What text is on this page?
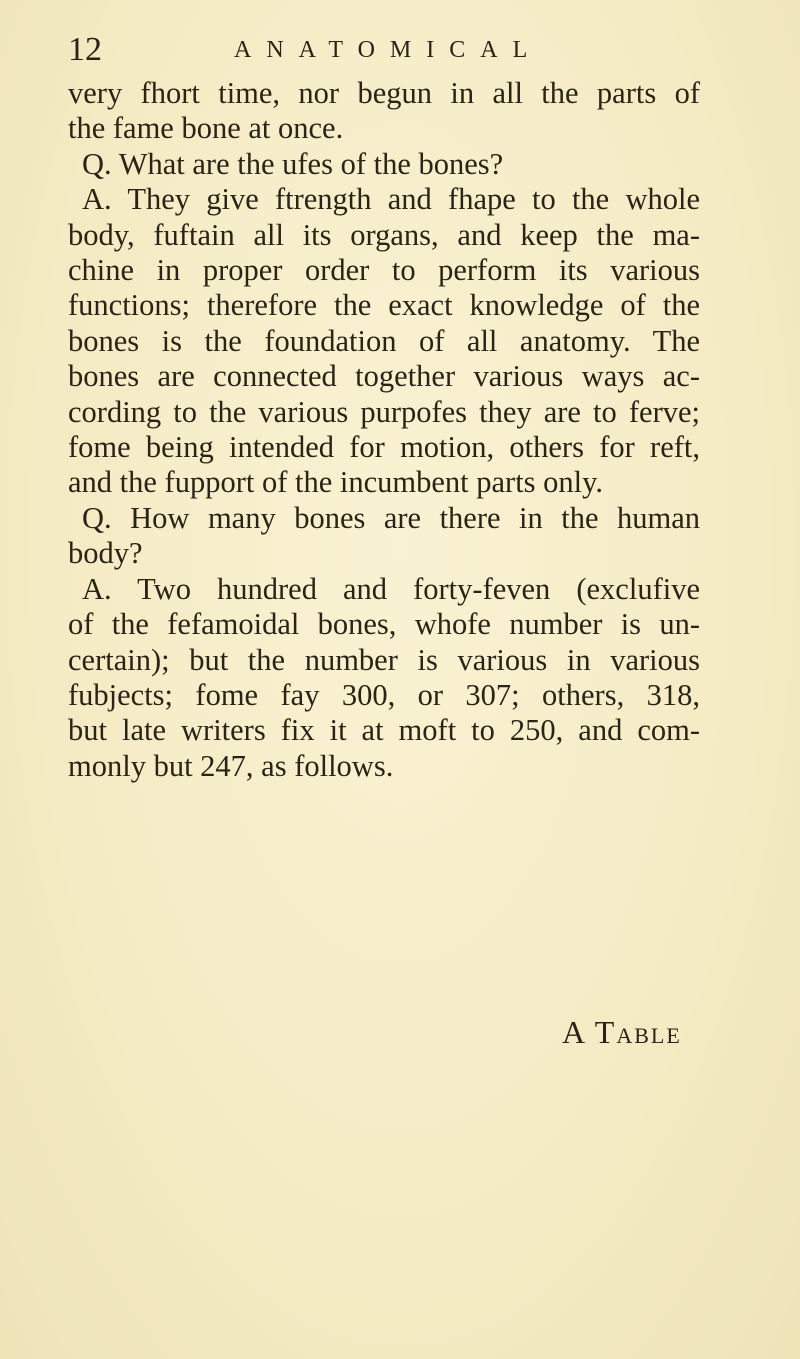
12	ANATOMICAL
very fhort time, nor begun in all the parts of
the fame bone at once.
Q. What are the ufes of the bones?
A. They give ftrength and fhape to the whole
body, fuftain all its organs, and keep the ma-
chine in proper order to perform its various
functions; therefore the exact knowledge of the
bones is the foundation of all anatomy. The
bones are connected together various ways ac-
cording to the various purpofes they are to ferve;
fome being intended for motion, others for reft,
and the fupport of the incumbent parts only.
Q. How many bones are there in the human
body?
A. Two hundred and forty-feven (exclufive
of the fefamoidal bones, whofe number is un-
certain); but the number is various in various
fubjects; fome fay 300, or 307; others, 318,
but late writers fix it at moft to 250, and com-
monly but 247, as follows.
A Table
